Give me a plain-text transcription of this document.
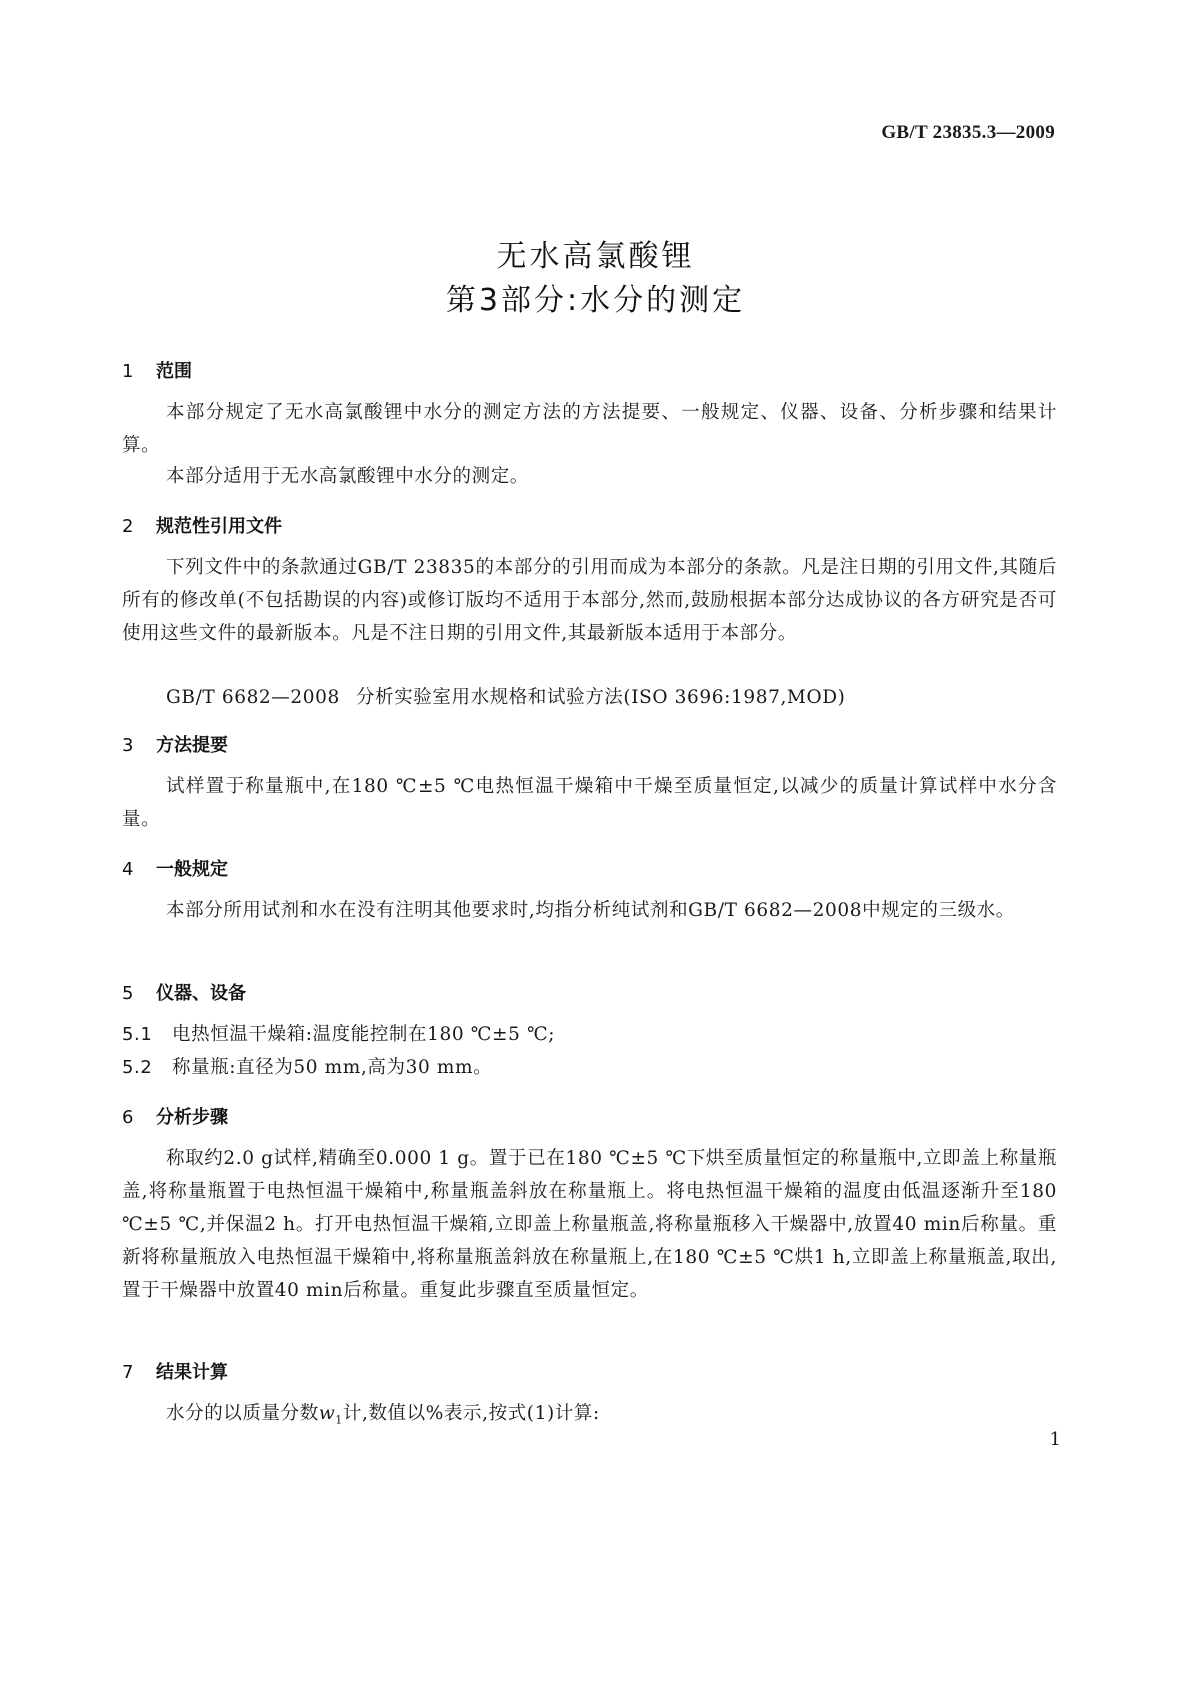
GB/T 23835.3—2009
无水高氯酸锂
第3部分:水分的测定
1 范围

本部分规定了无水高氯酸锂中水分的测定方法的方法提要、一般规定、仪器、设备、分析步骤和结果计算。

本部分适用于无水高氯酸锂中水分的测定。

2 规范性引用文件

下列文件中的条款通过GB/T 23835的本部分的引用而成为本部分的条款。凡是注日期的引用文件,其随后所有的修改单(不包括勘误的内容)或修订版均不适用于本部分,然而,鼓励根据本部分达成协议的各方研究是否可使用这些文件的最新版本。凡是不注日期的引用文件,其最新版本适用于本部分。

GB/T 6682—2008 分析实验室用水规格和试验方法(ISO 3696:1987,MOD)
3 方法提要

试样置于称量瓶中,在180 ℃±5 ℃电热恒温干燥箱中干燥至质量恒定,以减少的质量计算试样中水分含量。

4 一般规定

本部分所用试剂和水在没有注明其他要求时,均指分析纯试剂和GB/T 6682—2008中规定的三级水。

5 仪器、设备
5.1 电热恒温干燥箱:温度能控制在180 ℃±5 ℃;
5.2 称量瓶:直径为50 mm,高为30 mm。
6 分析步骤

称取约2.0 g试样,精确至0.000 1 g。置于已在180 ℃±5 ℃下烘至质量恒定的称量瓶中,立即盖上称量瓶盖,将称量瓶置于电热恒温干燥箱中,称量瓶盖斜放在称量瓶上。将电热恒温干燥箱的温度由低温逐渐升至180 ℃±5 ℃,并保温2 h。打开电热恒温干燥箱,立即盖上称量瓶盖,将称量瓶移入干燥器中,放置40 min后称量。重新将称量瓶放入电热恒温干燥箱中,将称量瓶盖斜放在称量瓶上,在180 ℃±5 ℃烘1 h,立即盖上称量瓶盖,取出,置于干燥器中放置40 min后称量。重复此步骤直至质量恒定。

7 结果计算

水分的以质量分数$w_1$计,数值以%表示,按式(1)计算:

1
